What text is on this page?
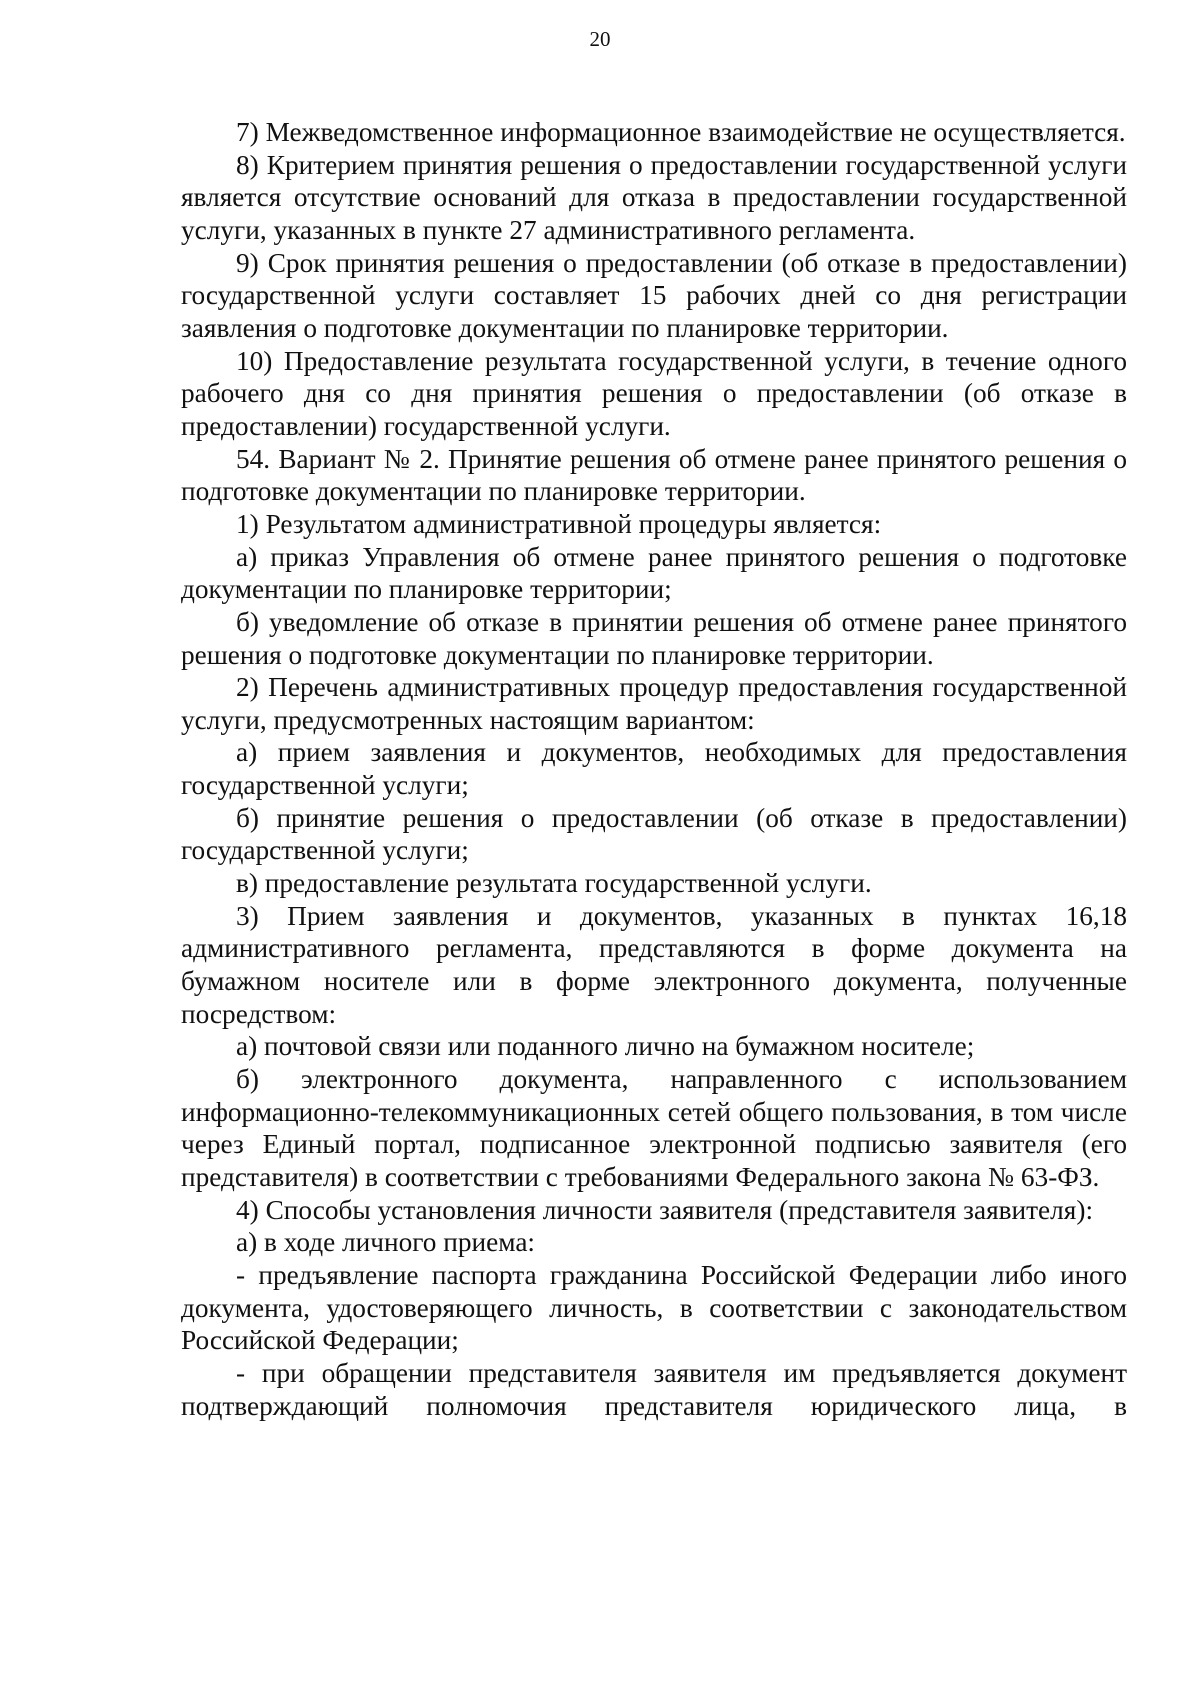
20

7) Межведомственное информационное взаимодействие не осуществляется.

8) Критерием принятия решения о предоставлении государственной услуги является отсутствие оснований для отказа в предоставлении государственной услуги, указанных в пункте 27 административного регламента.

9) Срок принятия решения о предоставлении (об отказе в предоставлении) государственной услуги составляет 15 рабочих дней со дня регистрации заявления о подготовке документации по планировке территории.

10) Предоставление результата государственной услуги, в течение одного рабочего дня со дня принятия решения о предоставлении (об отказе в предоставлении) государственной услуги.

54. Вариант № 2. Принятие решения об отмене ранее принятого решения о подготовке документации по планировке территории.

1) Результатом административной процедуры является:

а) приказ Управления об отмене ранее принятого решения о подготовке документации по планировке территории;

б) уведомление об отказе в принятии решения об отмене ранее принятого решения о подготовке документации по планировке территории.

2) Перечень административных процедур предоставления государственной услуги, предусмотренных настоящим вариантом:

а) прием заявления и документов, необходимых для предоставления государственной услуги;

б) принятие решения о предоставлении (об отказе в предоставлении) государственной услуги;

в) предоставление результата государственной услуги.

3) Прием заявления и документов, указанных в пунктах 16,18 административного регламента, представляются в форме документа на бумажном носителе или в форме электронного документа, полученные посредством:

а) почтовой связи или поданного лично на бумажном носителе;

б) электронного документа, направленного с использованием информационно-телекоммуникационных сетей общего пользования, в том числе через Единый портал, подписанное электронной подписью заявителя (его представителя) в соответствии с требованиями Федерального закона № 63-ФЗ.

4) Способы установления личности заявителя (представителя заявителя):

а) в ходе личного приема:

- предъявление паспорта гражданина Российской Федерации либо иного документа, удостоверяющего личность, в соответствии с законодательством Российской Федерации;

- при обращении представителя заявителя им предъявляется документ подтверждающий полномочия представителя юридического лица, в
